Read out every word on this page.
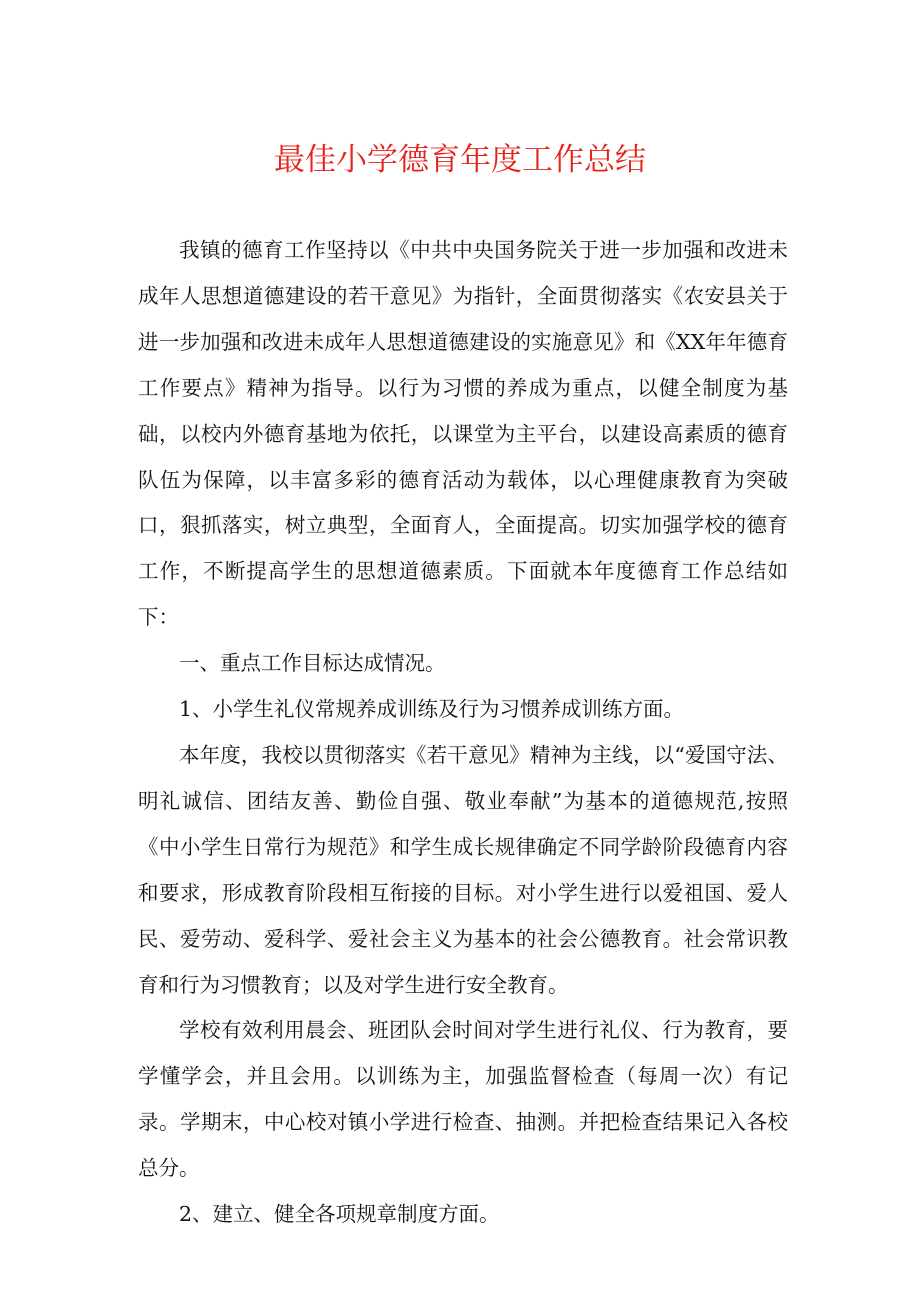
最佳小学德育年度工作总结

我镇的德育工作坚持以《中共中央国务院关于进一步加强和改进未成年人思想道德建设的若干意见》为指针，全面贯彻落实《农安县关于进一步加强和改进未成年人思想道德建设的实施意见》和《XX年年德育工作要点》精神为指导。以行为习惯的养成为重点，以健全制度为基础，以校内外德育基地为依托，以课堂为主平台，以建设高素质的德育队伍为保障，以丰富多彩的德育活动为载体，以心理健康教育为突破口，狠抓落实，树立典型，全面育人，全面提高。切实加强学校的德育工作，不断提高学生的思想道德素质。下面就本年度德育工作总结如下：

一、重点工作目标达成情况。

1、小学生礼仪常规养成训练及行为习惯养成训练方面。

本年度，我校以贯彻落实《若干意见》精神为主线，以“爱国守法、明礼诚信、团结友善、勤俭自强、敬业奉献”为基本的道德规范,按照《中小学生日常行为规范》和学生成长规律确定不同学龄阶段德育内容和要求，形成教育阶段相互衔接的目标。对小学生进行以爱祖国、爱人民、爱劳动、爱科学、爱社会主义为基本的社会公德教育。社会常识教育和行为习惯教育；以及对学生进行安全教育。

学校有效利用晨会、班团队会时间对学生进行礼仪、行为教育，要学懂学会，并且会用。以训练为主，加强监督检查（每周一次）有记录。学期末，中心校对镇小学进行检查、抽测。并把检查结果记入各校总分。

2、建立、健全各项规章制度方面。
